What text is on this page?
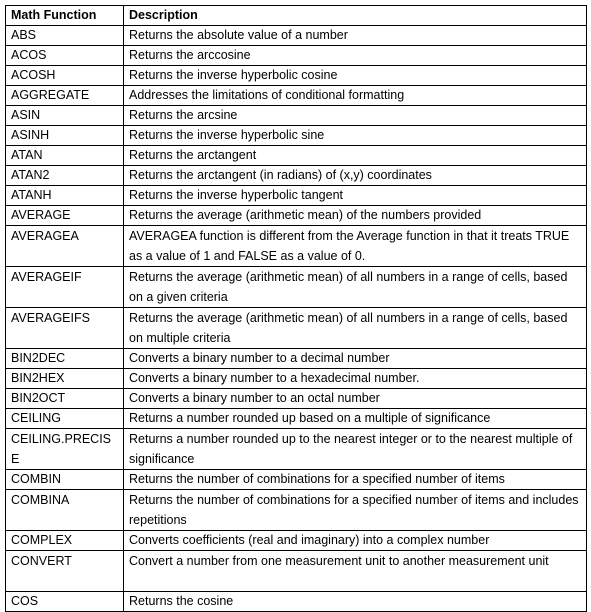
Math Function	Description
ABS	Returns the absolute value of a number
ACOS	Returns the arccosine
ACOSH	Returns the inverse hyperbolic cosine
AGGREGATE	Addresses the limitations of conditional formatting
ASIN	Returns the arcsine
ASINH	Returns the inverse hyperbolic sine
ATAN	Returns the arctangent
ATAN2	Returns the arctangent (in radians) of (x,y) coordinates
ATANH	Returns the inverse hyperbolic tangent
AVERAGE	Returns the average (arithmetic mean) of the numbers provided
AVERAGEA	AVERAGEA function is different from the Average function in that it treats TRUE as a value of 1 and FALSE as a value of 0.
AVERAGEIF	Returns the average (arithmetic mean) of all numbers in a range of cells, based on a given criteria
AVERAGEIFS	Returns the average (arithmetic mean) of all numbers in a range of cells, based on multiple criteria
BIN2DEC	Converts a binary number to a decimal number
BIN2HEX	Converts a binary number to a hexadecimal number.
BIN2OCT	Converts a binary number to an octal number
CEILING	Returns a number rounded up based on a multiple of significance
CEILING.PRECISE	Returns a number rounded up to the nearest integer or to the nearest multiple of significance
COMBIN	Returns the number of combinations for a specified number of items
COMBINA	Returns the number of combinations for a specified number of items and includes repetitions
COMPLEX	Converts coefficients (real and imaginary) into a complex number
CONVERT	Convert a number from one measurement unit to another measurement unit
COS	Returns the cosine
